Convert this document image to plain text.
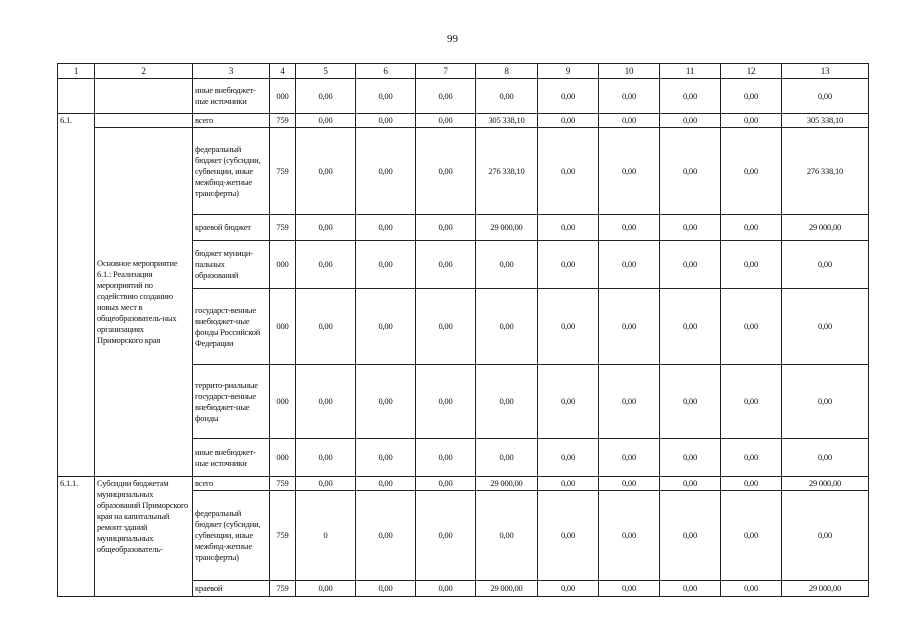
99
1	2	3	4	5	6	7	8	9	10	11	12	13
		иные внебюджет-ные источники	000	0,00	0,00	0,00	0,00	0,00	0,00	0,00	0,00	0,00
6.1.		всего	759	0,00	0,00	0,00	305 338,10	0,00	0,00	0,00	0,00	305 338,10
	Основное мероприятие 6.1.: Реализация мероприятий по содействию созданию новых мест в общеобразователь-ных организациях Приморского края	федеральный бюджет (субсидии, субвенции, иные межбюд-жетные трансферты)	759	0,00	0,00	0,00	276 338,10	0,00	0,00	0,00	0,00	276 338,10
		краевой бюджет	759	0,00	0,00	0,00	29 000,00	0,00	0,00	0,00	0,00	29 000,00
		бюджет муници-пальных образований	000	0,00	0,00	0,00	0,00	0,00	0,00	0,00	0,00	0,00
		государст-венные внебюджет-ные фонды Российской Федерации	000	0,00	0,00	0,00	0,00	0,00	0,00	0,00	0,00	0,00
		террито-риальные государст-венные внебюджет-ные фонды	000	0,00	0,00	0,00	0,00	0,00	0,00	0,00	0,00	0,00
		иные внебюджет-ные источники	000	0,00	0,00	0,00	0,00	0,00	0,00	0,00	0,00	0,00
6.1.1.	Субсидии бюджетам муниципальных образований Приморского края на капитальный ремонт зданий муниципальных общеобразователь-	всего	759	0,00	0,00	0,00	29 000,00	0,00	0,00	0,00	0,00	29 000,00
		федеральный бюджет (субсидии, субвенции, иные межбюд-жетные трансферты)	759	0	0,00	0,00	0,00	0,00	0,00	0,00	0,00	0,00
		краевой	759	0,00	0,00	0,00	29 000,00	0,00	0,00	0,00	0,00	29 000,00
